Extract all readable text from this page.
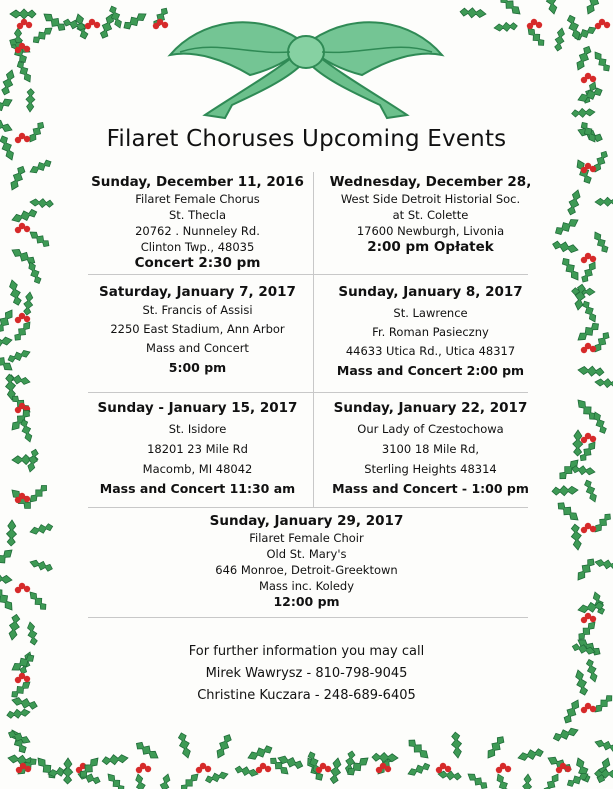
Filaret Choruses Upcoming Events
Sunday, December 11, 2016
Filaret Female Chorus
St. Thecla
20762 . Nunneley Rd.
Clinton Twp., 48035
Concert 2:30 pm
Wednesday, December 28,
West Side Detroit Historial Soc.
at St. Colette
17600 Newburgh, Livonia
2:00 pm Opłatek
Saturday, January 7, 2017
St. Francis of Assisi
2250 East Stadium, Ann Arbor
Mass and Concert
5:00 pm
Sunday, January 8, 2017
St. Lawrence
Fr. Roman Pasieczny
44633 Utica Rd., Utica 48317
Mass and Concert 2:00 pm
Sunday - January 15, 2017
St. Isidore
18201 23 Mile Rd
Macomb, MI 48042
Mass and Concert 11:30 am
Sunday, January 22, 2017
Our Lady of Czestochowa
3100 18 Mile Rd,
Sterling Heights 48314
Mass and Concert - 1:00 pm
Sunday, January 29, 2017
Filaret Female Choir
Old St. Mary's
646 Monroe, Detroit-Greektown
Mass inc. Koledy
12:00 pm
For further information you may call
Mirek Wawrysz - 810-798-9045
Christine Kuczara - 248-689-6405
